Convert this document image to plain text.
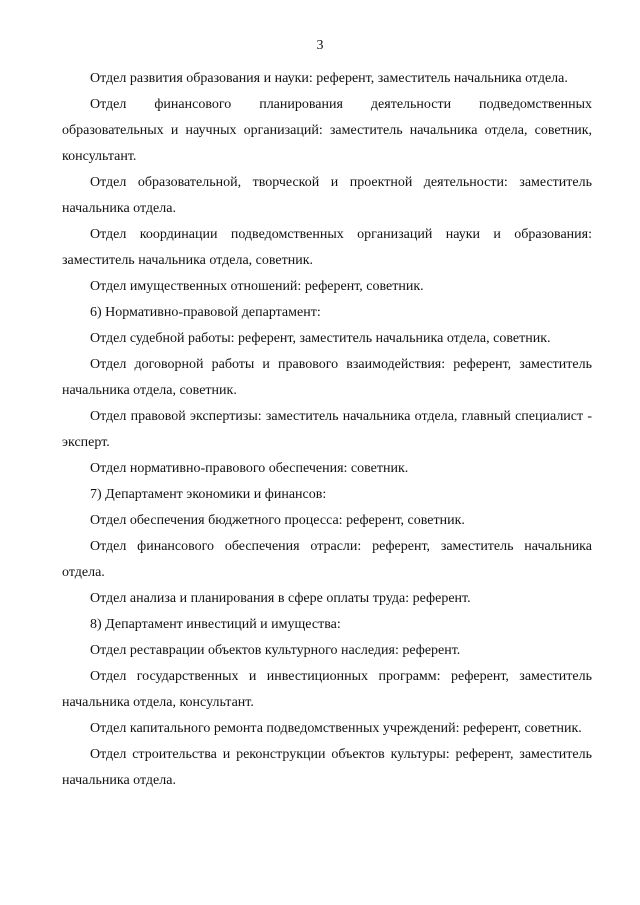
3

Отдел развития образования и науки: референт, заместитель начальника отдела.

Отдел финансового планирования деятельности подведомственных образовательных и научных организаций: заместитель начальника отдела, советник, консультант.

Отдел образовательной, творческой и проектной деятельности: заместитель начальника отдела.

Отдел координации подведомственных организаций науки и образования: заместитель начальника отдела, советник.

Отдел имущественных отношений: референт, советник.

6) Нормативно-правовой департамент:

Отдел судебной работы: референт, заместитель начальника отдела, советник.

Отдел договорной работы и правового взаимодействия: референт, заместитель начальника отдела, советник.

Отдел правовой экспертизы: заместитель начальника отдела, главный специалист - эксперт.

Отдел нормативно-правового обеспечения: советник.

7) Департамент экономики и финансов:

Отдел обеспечения бюджетного процесса: референт, советник.

Отдел финансового обеспечения отрасли: референт, заместитель начальника отдела.

Отдел анализа и планирования в сфере оплаты труда: референт.

8) Департамент инвестиций и имущества:

Отдел реставрации объектов культурного наследия: референт.

Отдел государственных и инвестиционных программ: референт, заместитель начальника отдела, консультант.

Отдел капитального ремонта подведомственных учреждений: референт, советник.

Отдел строительства и реконструкции объектов культуры: референт, заместитель начальника отдела.
